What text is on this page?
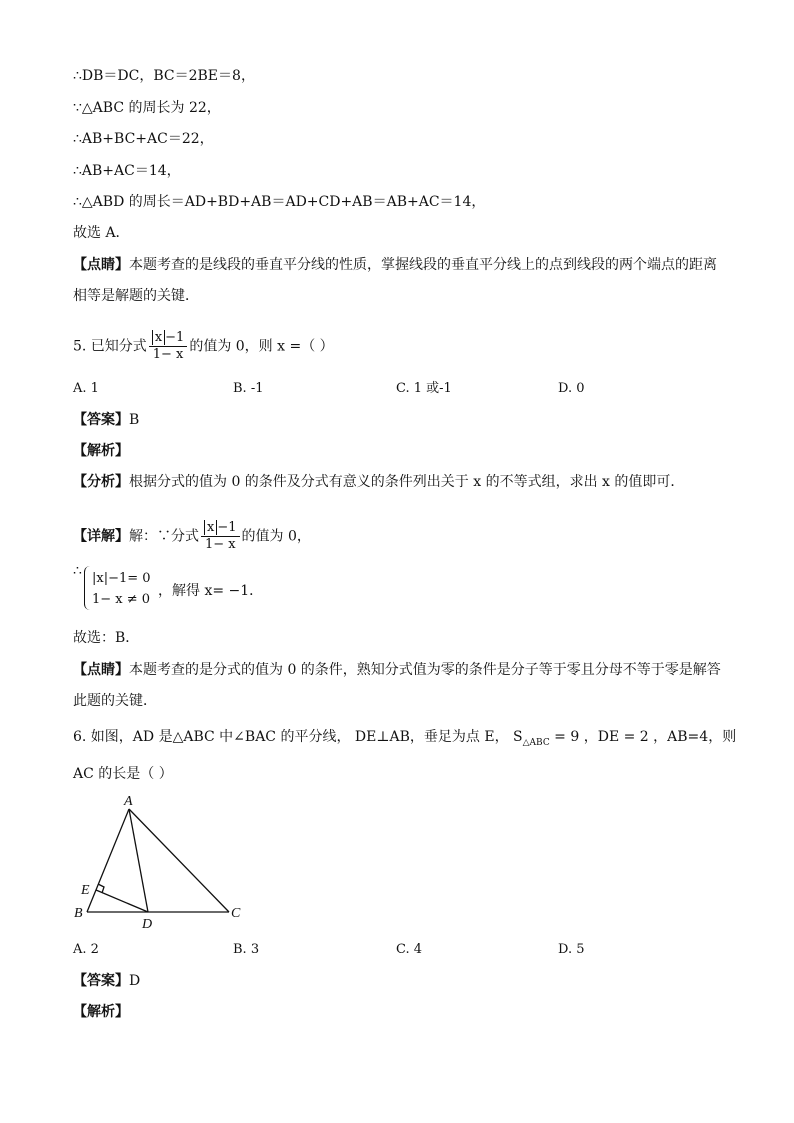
∴DB＝DC，BC＝2BE＝8，
∵△ABC 的周长为 22，
∴AB+BC+AC＝22，
∴AB+AC＝14，
∴△ABD 的周长＝AD+BD+AB＝AD+CD+AB＝AB+AC＝14，
故选 A．
【点睛】本题考查的是线段的垂直平分线的性质，掌握线段的垂直平分线上的点到线段的两个端点的距离
相等是解题的关键．
5. 已知分式 $\frac{x -1}{1- x}$ 的值为 0，则 x =（ ）
A. 1	B. -1	C. 1 或-1	D. 0
【答案】B
【解析】
【分析】根据分式的值为 0 的条件及分式有意义的条件列出关于 x 的不等式组，求出 x 的值即可．
【详解】解：∵分式 $\frac{x -1}{1- x}$ 的值为 0，
∴ |x|−1= 0
1− x ≠ 0
，解得 x= −1．
故选：B．
【点睛】本题考查的是分式的值为 0 的条件，熟知分式值为零的条件是分子等于零且分母不等于零是解答
此题的关键．
6. 如图，AD 是△ABC 中∠BAC 的平分线， DE⊥AB，垂足为点 E， $S_{\triangle ABC} = 9$ ，DE = 2 ，AB=4，则
AC 的长是（ ）
A
B	C
D
E
A. 2	B. 3	C. 4	D. 5
【答案】D
【解析】
